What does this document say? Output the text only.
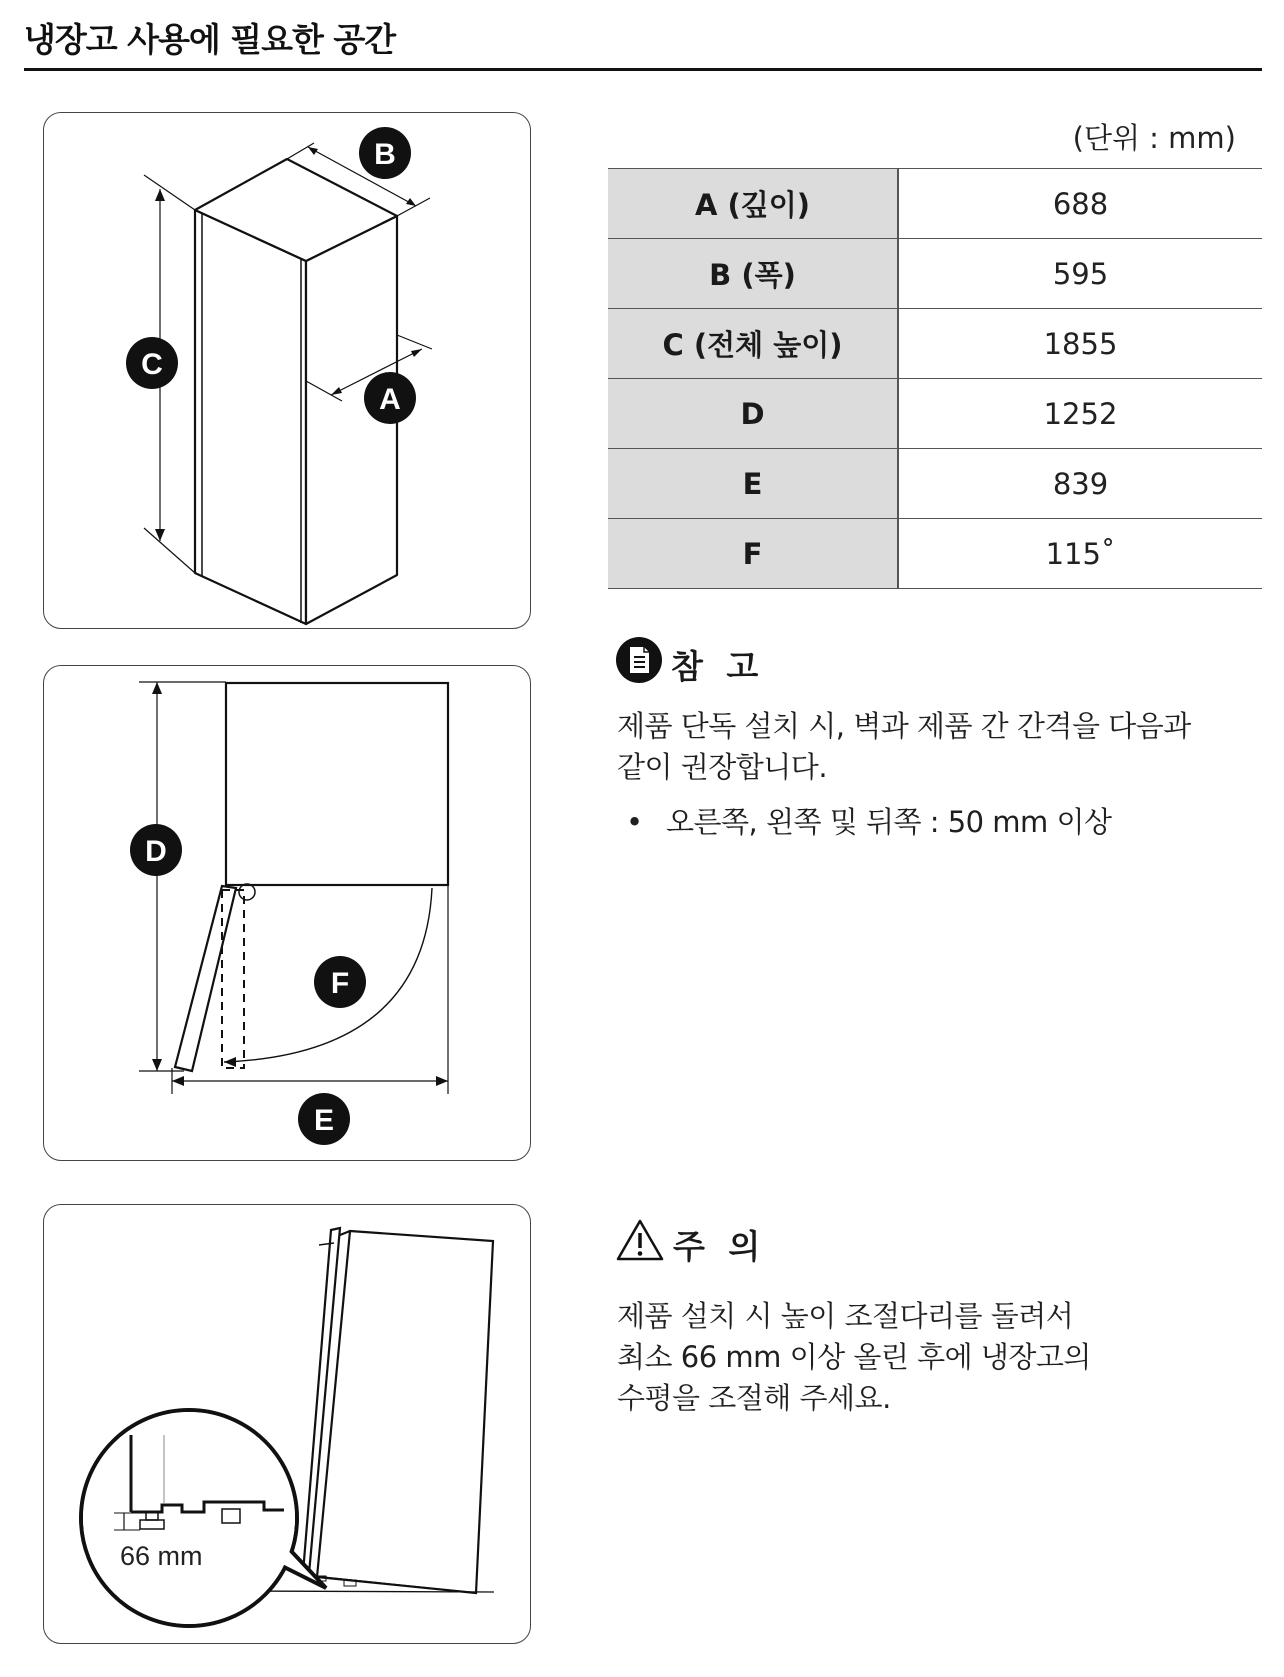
냉장고 사용에 필요한 공간
B
C
A
D
F
E
66 mm
(단위 : mm)
A (깊이)	688
B (폭)	595
C (전체 높이)	1855
D	1252
E	839
F	115˚
참 고
제품 단독 설치 시, 벽과 제품 간 간격을 다음과
같이 권장합니다.
• 오른쪽, 왼쪽 및 뒤쪽 : 50 mm 이상
주 의
제품 설치 시 높이 조절다리를 돌려서
최소 66 mm 이상 올린 후에 냉장고의
수평을 조절해 주세요.
